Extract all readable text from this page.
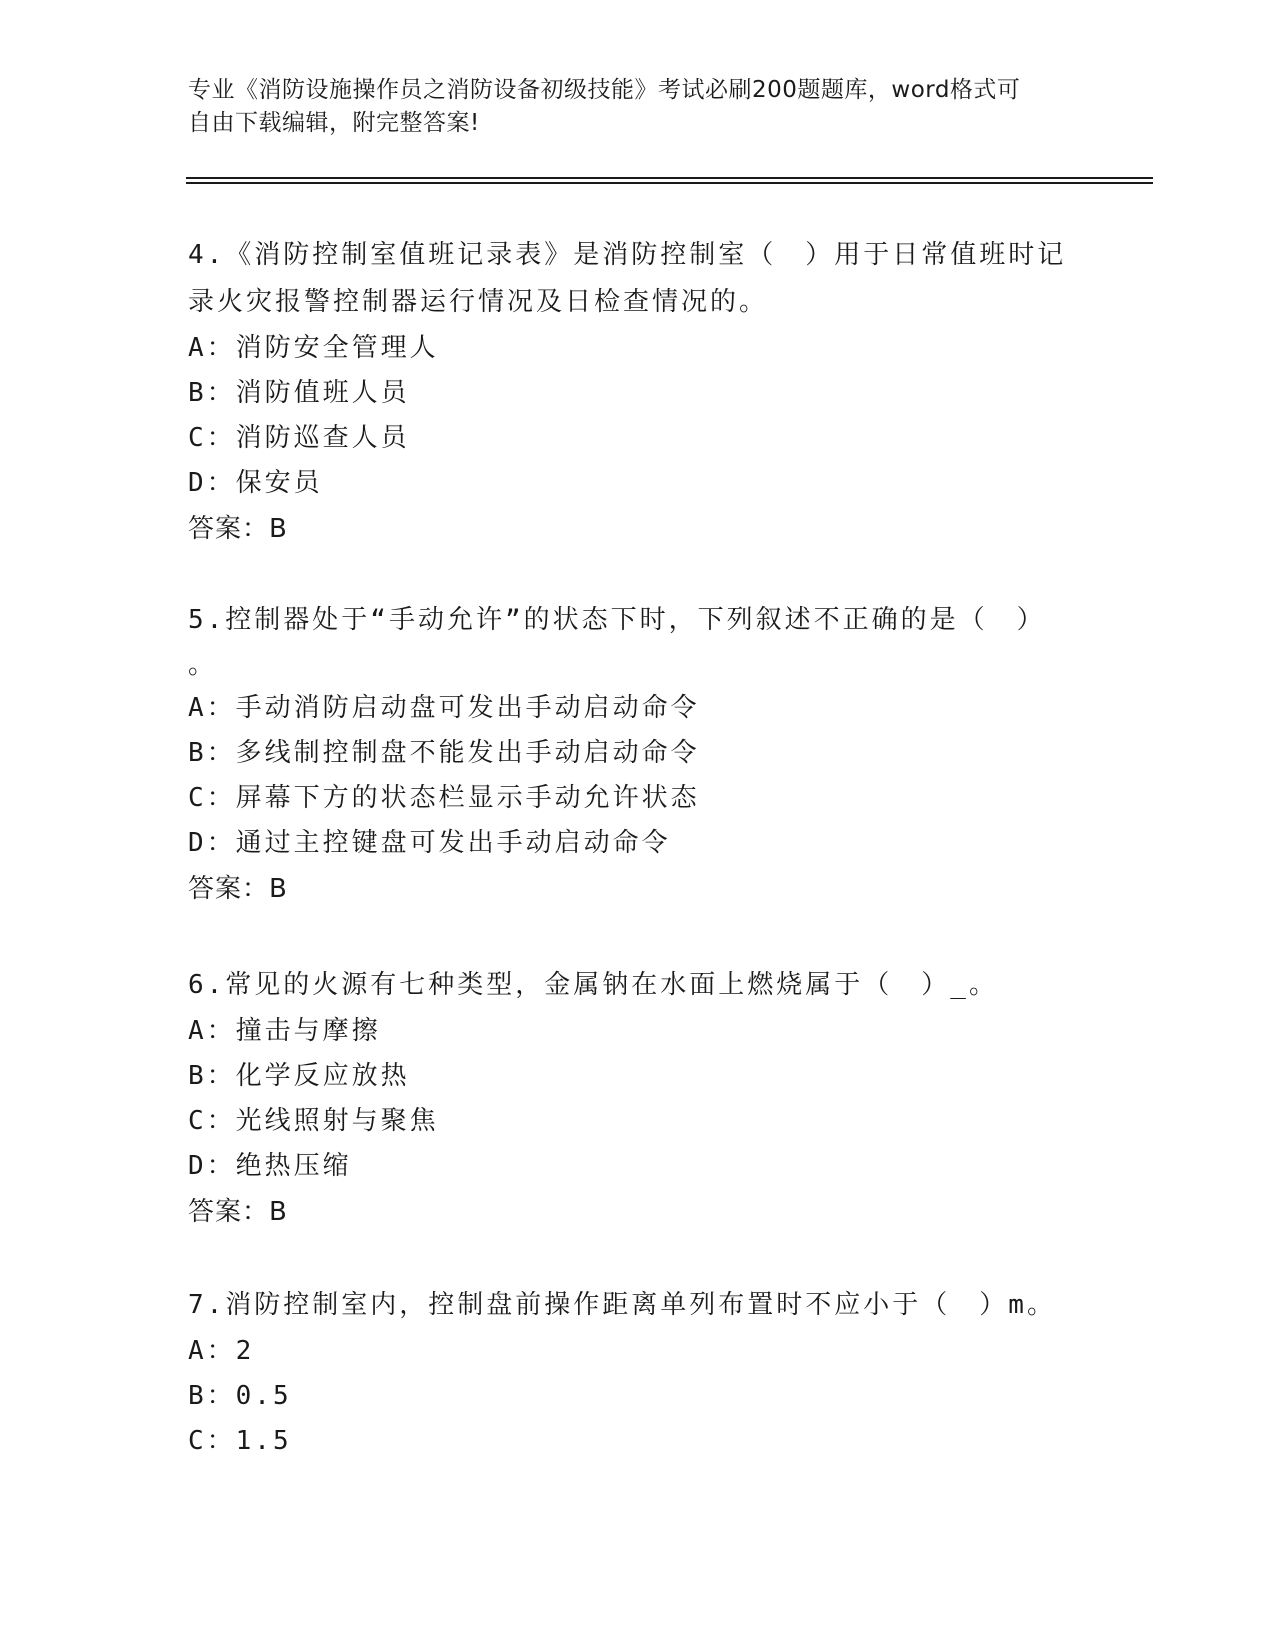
专业《消防设施操作员之消防设备初级技能》考试必刷200题题库，word格式可
自由下载编辑，附完整答案!
4.《消防控制室值班记录表》是消防控制室（　）用于日常值班时记
录火灾报警控制器运行情况及日检查情况的。
A：消防安全管理人
B：消防值班人员
C：消防巡查人员
D：保安员
答案：B
5.控制器处于“手动允许”的状态下时，下列叙述不正确的是（　）
。
A：手动消防启动盘可发出手动启动命令
B：多线制控制盘不能发出手动启动命令
C：屏幕下方的状态栏显示手动允许状态
D：通过主控键盘可发出手动启动命令
答案：B
6.常见的火源有七种类型，金属钠在水面上燃烧属于（　）_。
A：撞击与摩擦
B：化学反应放热
C：光线照射与聚焦
D：绝热压缩
答案：B
7.消防控制室内，控制盘前操作距离单列布置时不应小于（　）m。
A：2
B：0.5
C：1.5
